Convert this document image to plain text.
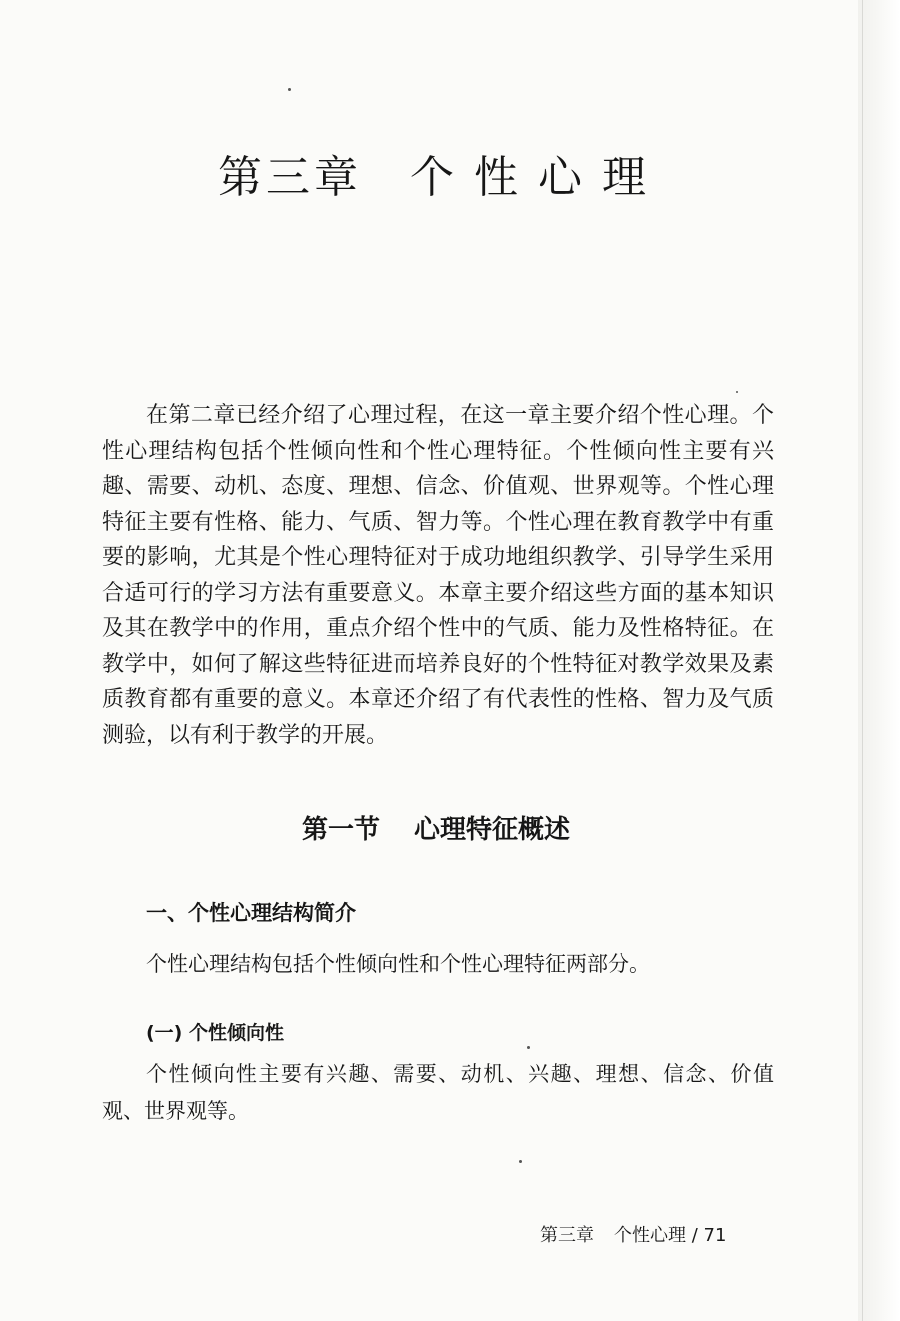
第三章 个性心理

在第二章已经介绍了心理过程，在这一章主要介绍个性心理。个性心理结构包括个性倾向性和个性心理特征。个性倾向性主要有兴趣、需要、动机、态度、理想、信念、价值观、世界观等。个性心理特征主要有性格、能力、气质、智力等。个性心理在教育教学中有重要的影响，尤其是个性心理特征对于成功地组织教学、引导学生采用合适可行的学习方法有重要意义。本章主要介绍这些方面的基本知识及其在教学中的作用，重点介绍个性中的气质、能力及性格特征。在教学中，如何了解这些特征进而培养良好的个性特征对教学效果及素质教育都有重要的意义。本章还介绍了有代表性的性格、智力及气质测验，以有利于教学的开展。

第一节 心理特征概述
一、个性心理结构简介

个性心理结构包括个性倾向性和个性心理特征两部分。

(一) 个性倾向性

个性倾向性主要有兴趣、需要、动机、兴趣、理想、信念、价值观、世界观等。

第三章 个性心理 / 71
